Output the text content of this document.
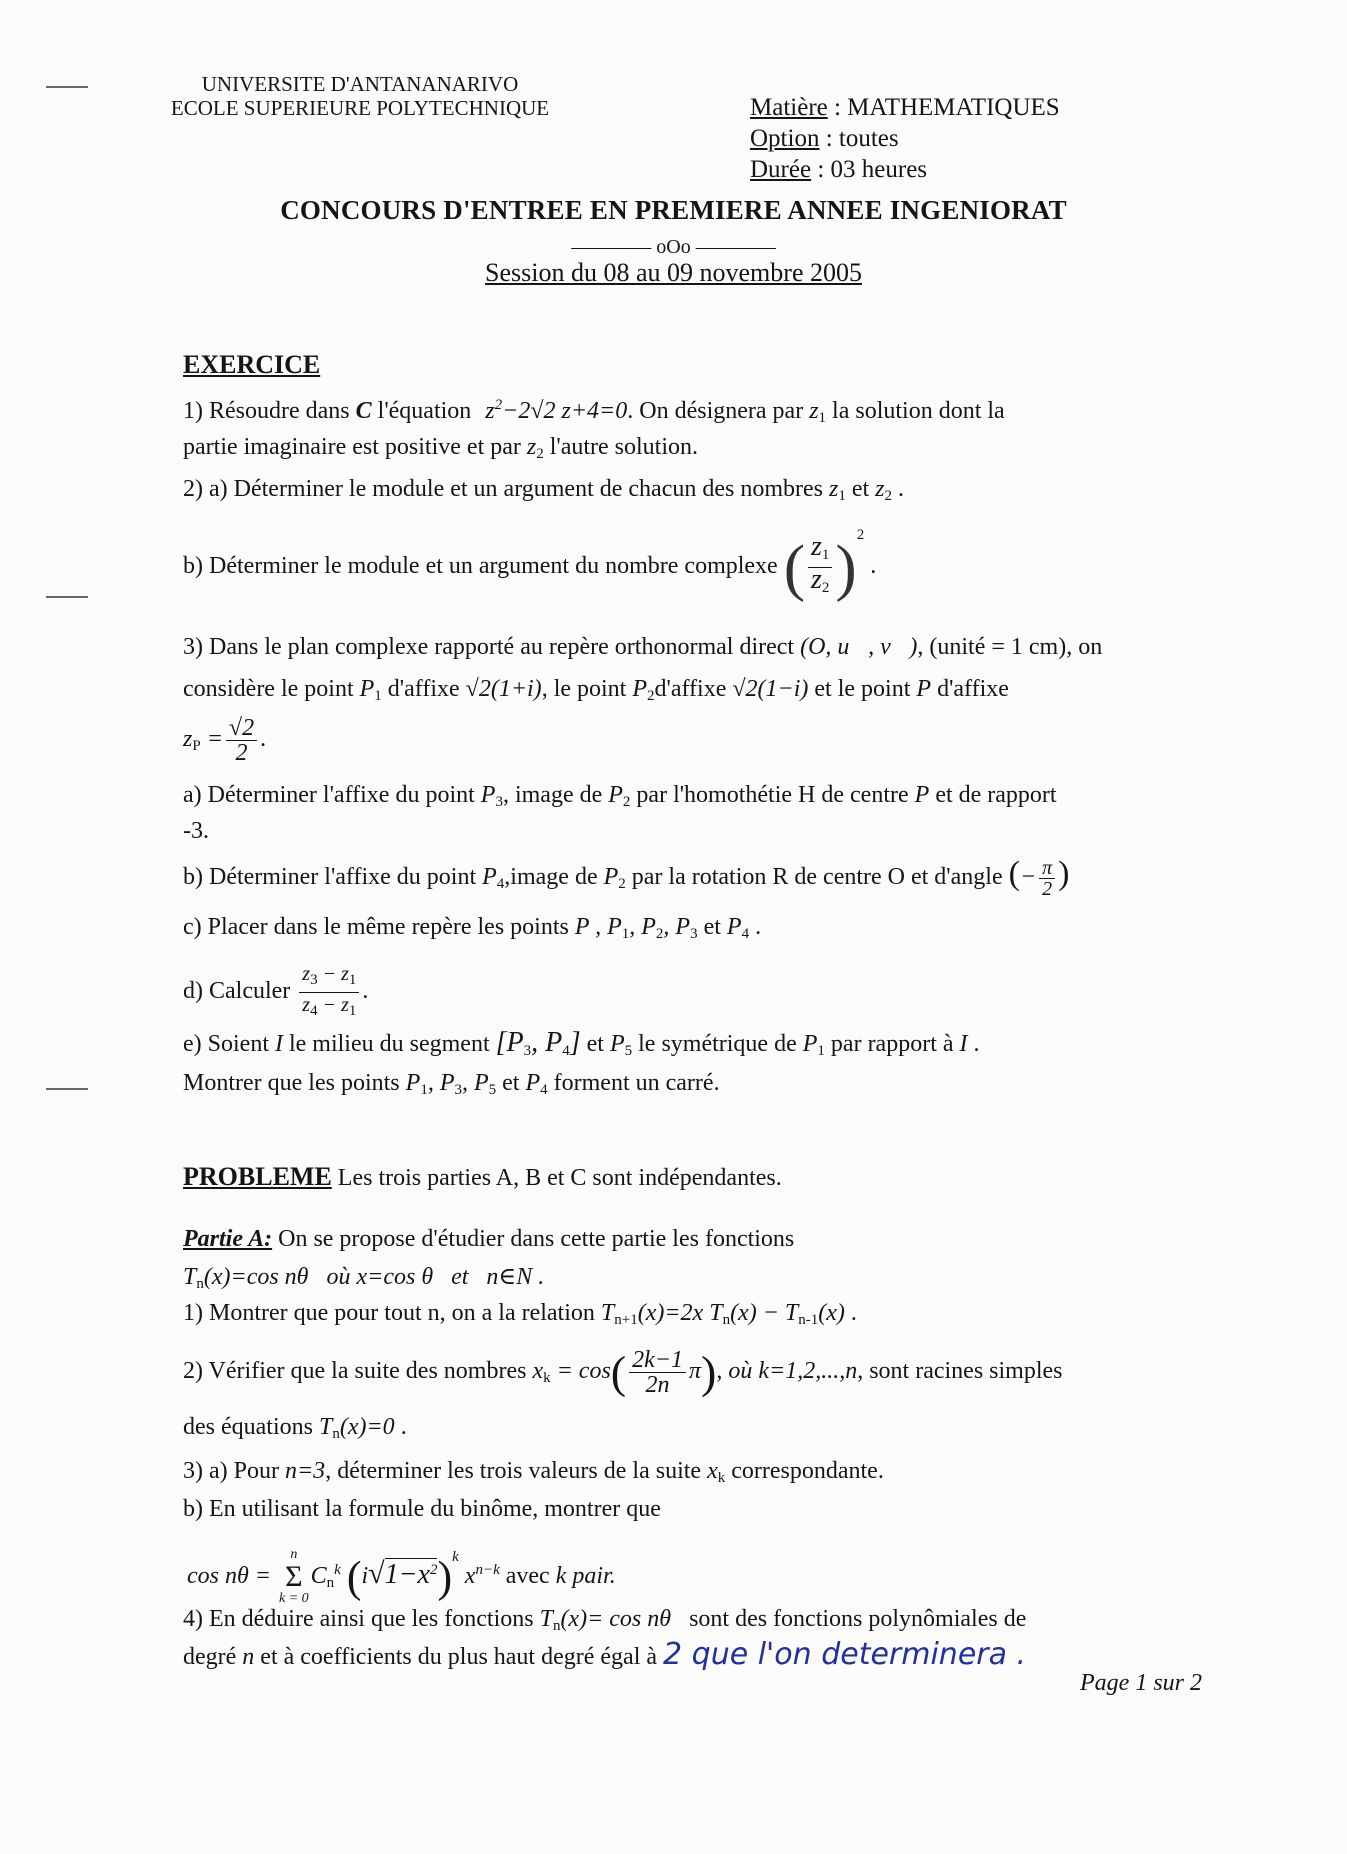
UNIVERSITE D'ANTANANARIVO
ECOLE SUPERIEURE POLYTECHNIQUE	Matière : MATHEMATIQUES
Option : toutes
Durée : 03 heures
CONCOURS D'ENTREE EN PREMIERE ANNEE INGENIORAT
———— oOo ————
Session du 08 au 09 novembre 2005
EXERCICE
1) Résoudre dans C l'équation $z^2-2√2$ z+4=0. On désignera par $z_1$ la solution dont la
partie imaginaire est positive et par $z_2$ l'autre solution.
2) a) Déterminer le module et un argument de chacun des nombres $z_1$ et $z_2$ .
b) Déterminer le module et un argument du nombre complexe ( $\frac{z_1}{z_2} )^2$ .
3) Dans le plan complexe rapporté au repère orthonormal direct (O, u⃗, v⃗), (unité = 1 cm), on
considère le point $P_1$ d'affixe √2(1+i), le point $P_2d'affixe$ √2(1−i) et le point P d'affixe
$z_P = \frac{√2}{2}$ .
a) Déterminer l'affixe du point $P_3$, image de $P_2$ par l'homothétie H de centre P et de rapport
-3.
b) Déterminer l'affixe du point $P_4,image$ de $P_2$ par la rotation R de centre O et d'angle (− $\frac{\pi}{2}$ )
c) Placer dans le même repère les points P , $P_1$, $P_2$, $P_3$ et $P_4$ .
d) Calculer $\frac{z_3 - z_1}{z_4 - z_1}$ .
e) Soient I le milieu du segment [$P_3$, $P_4$] et $P_5$ le symétrique de $P_1$ par rapport à I .
Montrer que les points $P_1$, $P_3$, $P_5$ et $P_4$ forment un carré.
PROBLEME Les trois parties A, B et C sont indépendantes.
Partie A: On se propose d'étudier dans cette partie les fonctions
$T_n(x)=\cos$ nθ   où x=cos θ   et   n∈N .
1) Montrer que pour tout n, on a la relation $T_{n+1}(x)=2x$ $T_n(x) - T_{n-1}(x)$ .
2) Vérifier que la suite des nombres $x_k = \cos( \frac{2k-1}{2n} \pi)$, où k=1,2,...,n, sont racines simples
des équations $T_n(x)=0$ .
3) a) Pour n=3, déterminer les trois valeurs de la suite $x_k$ correspondante.
b) En utilisant la formule du binôme, montrer que
cos nθ =
n
Σ
k = 0
$C_n^k$ $(i√1-x^2)^k$ $x^{n-k}$ avec k pair.
4) En déduire ainsi que les fonctions $T_n(x)= \cos n\theta$ sont des fonctions polynômiales de
degré n et à coefficients du plus haut degré égal à 2 que l'on determinera .
Page 1 sur 2
